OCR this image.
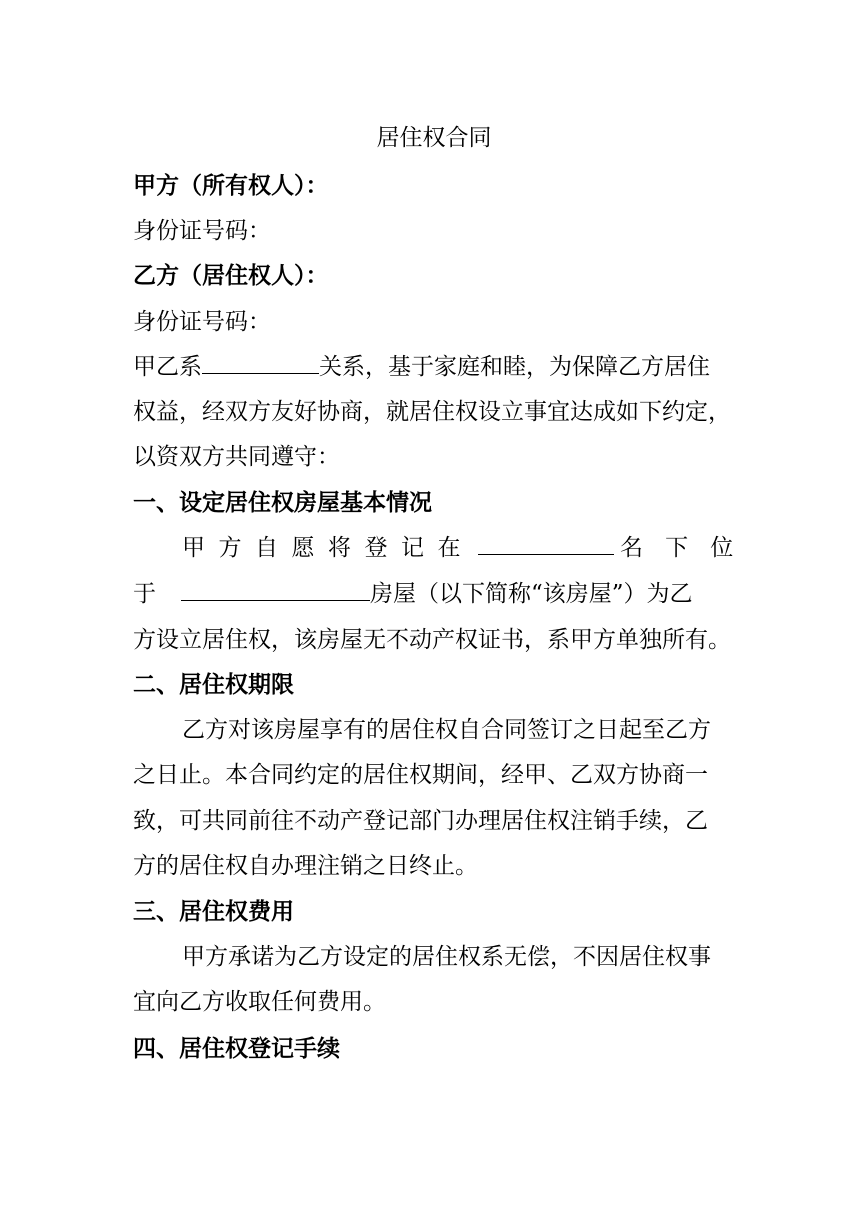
居住权合同
甲方（所有权人）：
身份证号码：
乙方（居住权人）：
身份证号码：
甲乙系	关系，基于家庭和睦，为保障乙方居住
权益，经双方友好协商，就居住权设立事宜达成如下约定，
以资双方共同遵守：
一、设定居住权房屋基本情况
甲 方 自 愿 将 登 记 在	名 下 位
于	房屋（以下简称“该房屋”）为乙
方设立居住权，该房屋无不动产权证书，系甲方单独所有。
二、居住权期限
乙方对该房屋享有的居住权自合同签订之日起至乙方
之日止。本合同约定的居住权期间，经甲、乙双方协商一
致，可共同前往不动产登记部门办理居住权注销手续，乙
方的居住权自办理注销之日终止。
三、居住权费用
甲方承诺为乙方设定的居住权系无偿，不因居住权事
宜向乙方收取任何费用。
四、居住权登记手续
